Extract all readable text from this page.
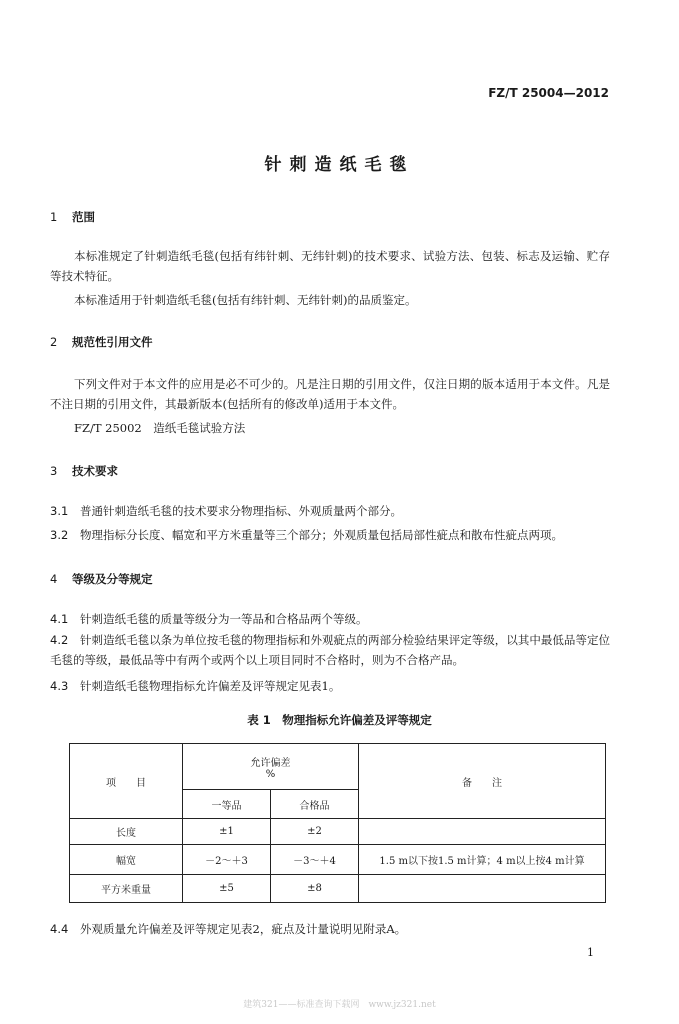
FZ/T 25004—2012
针刺造纸毛毯
1 范围
本标准规定了针刺造纸毛毯(包括有纬针刺、无纬针刺)的技术要求、试验方法、包装、标志及运输、贮存等技术特征。
本标准适用于针刺造纸毛毯(包括有纬针刺、无纬针刺)的品质鉴定。
2 规范性引用文件
下列文件对于本文件的应用是必不可少的。凡是注日期的引用文件，仅注日期的版本适用于本文件。凡是不注日期的引用文件，其最新版本(包括所有的修改单)适用于本文件。
FZ/T 25002　造纸毛毯试验方法
3 技术要求
3.1 普通针刺造纸毛毯的技术要求分物理指标、外观质量两个部分。
3.2 物理指标分长度、幅宽和平方米重量等三个部分；外观质量包括局部性疵点和散布性疵点两项。
4 等级及分等规定
4.1 针刺造纸毛毯的质量等级分为一等品和合格品两个等级。
4.2 针刺造纸毛毯以条为单位按毛毯的物理指标和外观疵点的两部分检验结果评定等级，以其中最低品等定位毛毯的等级，最低品等中有两个或两个以上项目同时不合格时，则为不合格产品。
4.3 针刺造纸毛毯物理指标允许偏差及评等规定见表1。
表 1　物理指标允许偏差及评等规定
项　　目	允许偏差
%		备　　注
	一等品	合格品	
长度	±1	±2	
幅宽	－2～＋3	－3～＋4	1.5 m以下按1.5 m计算；4 m以上按4 m计算
平方米重量	±5	±8	
4.4 外观质量允许偏差及评等规定见表2，疵点及计量说明见附录A。
1
建筑321——标准查询下载网　www.jz321.net
